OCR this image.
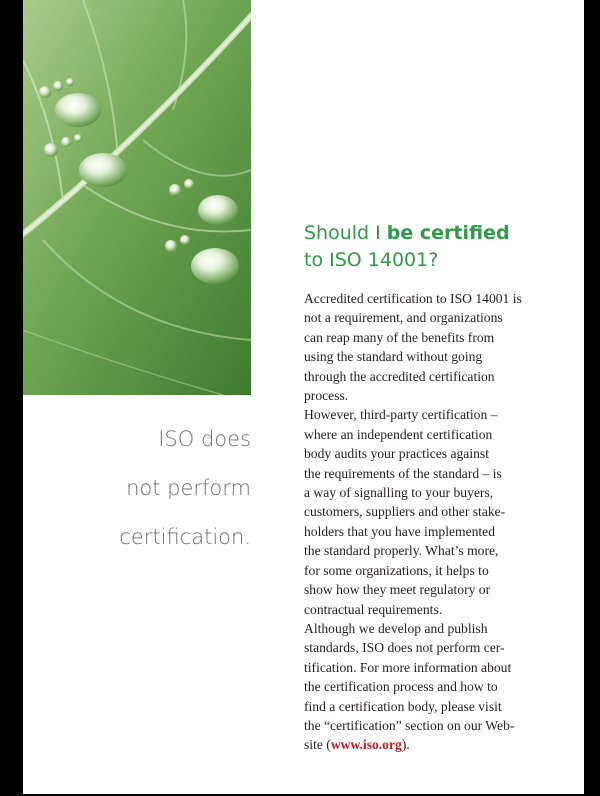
ISO does
not perform
certification.
Should I be certified
to ISO 14001?
Accredited certification to ISO 14001 is
not a requirement, and organizations
can reap many of the benefits from
using the standard without going
through the accredited certification
process.
However, third-party certification –
where an independent certification
body audits your practices against
the requirements of the standard – is
a way of signalling to your buyers,
customers, suppliers and other stake-
holders that you have implemented
the standard properly. What’s more,
for some organizations, it helps to
show how they meet regulatory or
contractual requirements.
Although we develop and publish
standards, ISO does not perform cer-
tification. For more information about
the certification process and how to
find a certification body, please visit
the “certification” section on our Web-
site (www.iso.org).
